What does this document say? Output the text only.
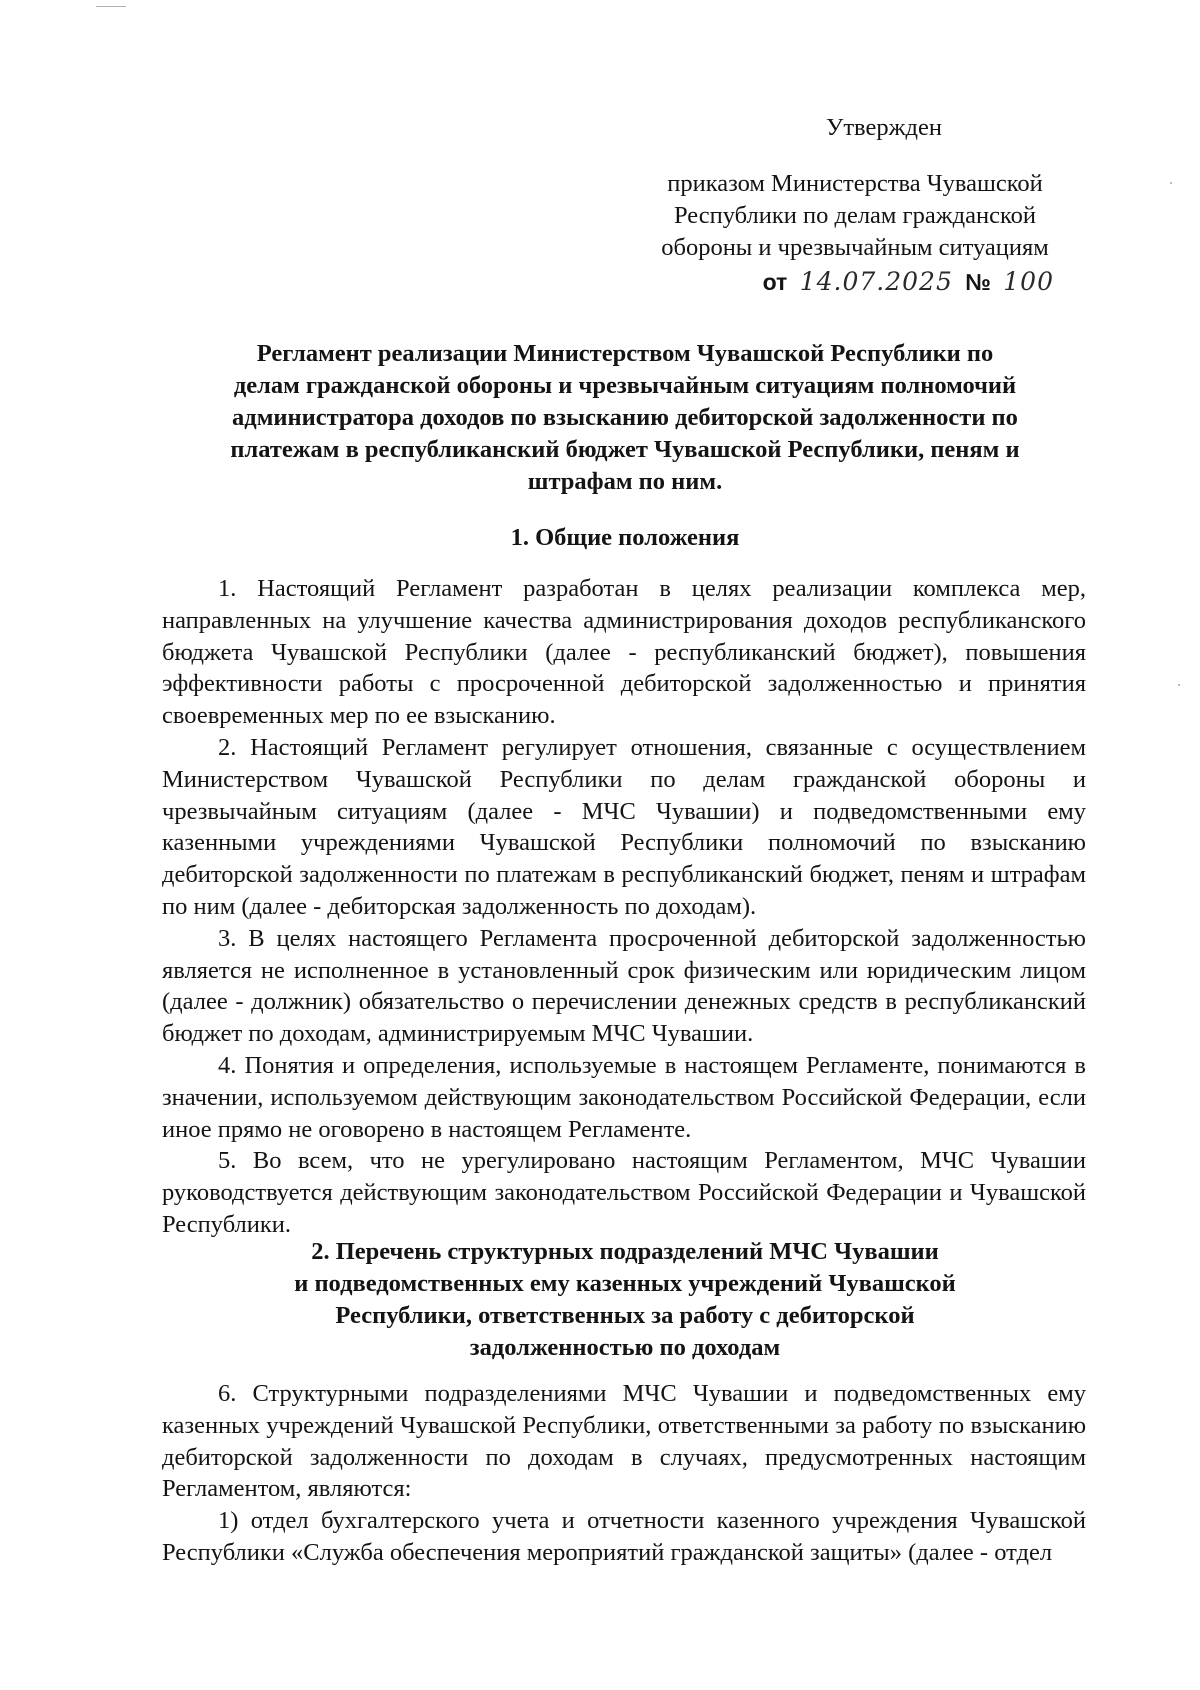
Утвержден
приказом Министерства Чувашской
Республики по делам гражданской
обороны и чрезвычайным ситуациям
от 14.07.2025 № 100
Регламент реализации Министерством Чувашской Республики по
делам гражданской обороны и чрезвычайным ситуациям полномочий
администратора доходов по взысканию дебиторской задолженности по
платежам в республиканский бюджет Чувашской Республики, пеням и
штрафам по ним.
1. Общие положения

1. Настоящий Регламент разработан в целях реализации комплекса мер, направленных на улучшение качества администрирования доходов республиканского бюджета Чувашской Республики (далее - республиканский бюджет), повышения эффективности работы с просроченной дебиторской задолженностью и принятия своевременных мер по ее взысканию.

2. Настоящий Регламент регулирует отношения, связанные с осуществлением Министерством Чувашской Республики по делам гражданской обороны и чрезвычайным ситуациям (далее - МЧС Чувашии) и подведомственными ему казенными учреждениями Чувашской Республики полномочий по взысканию дебиторской задолженности по платежам в республиканский бюджет, пеням и штрафам по ним (далее - дебиторская задолженность по доходам).

3. В целях настоящего Регламента просроченной дебиторской задолженностью является не исполненное в установленный срок физическим или юридическим лицом (далее - должник) обязательство о перечислении денежных средств в республиканский бюджет по доходам, администрируемым МЧС Чувашии.

4. Понятия и определения, используемые в настоящем Регламенте, понимаются в значении, используемом действующим законодательством Российской Федерации, если иное прямо не оговорено в настоящем Регламенте.

5. Во всем, что не урегулировано настоящим Регламентом, МЧС Чувашии руководствуется действующим законодательством Российской Федерации и Чувашской Республики.

2. Перечень структурных подразделений МЧС Чувашии
и подведомственных ему казенных учреждений Чувашской
Республики, ответственных за работу с дебиторской
задолженностью по доходам

6. Структурными подразделениями МЧС Чувашии и подведомственных ему казенных учреждений Чувашской Республики, ответственными за работу по взысканию дебиторской задолженности по доходам в случаях, предусмотренных настоящим Регламентом, являются:

1) отдел бухгалтерского учета и отчетности казенного учреждения Чувашской Республики «Служба обеспечения мероприятий гражданской защиты» (далее - отдел
